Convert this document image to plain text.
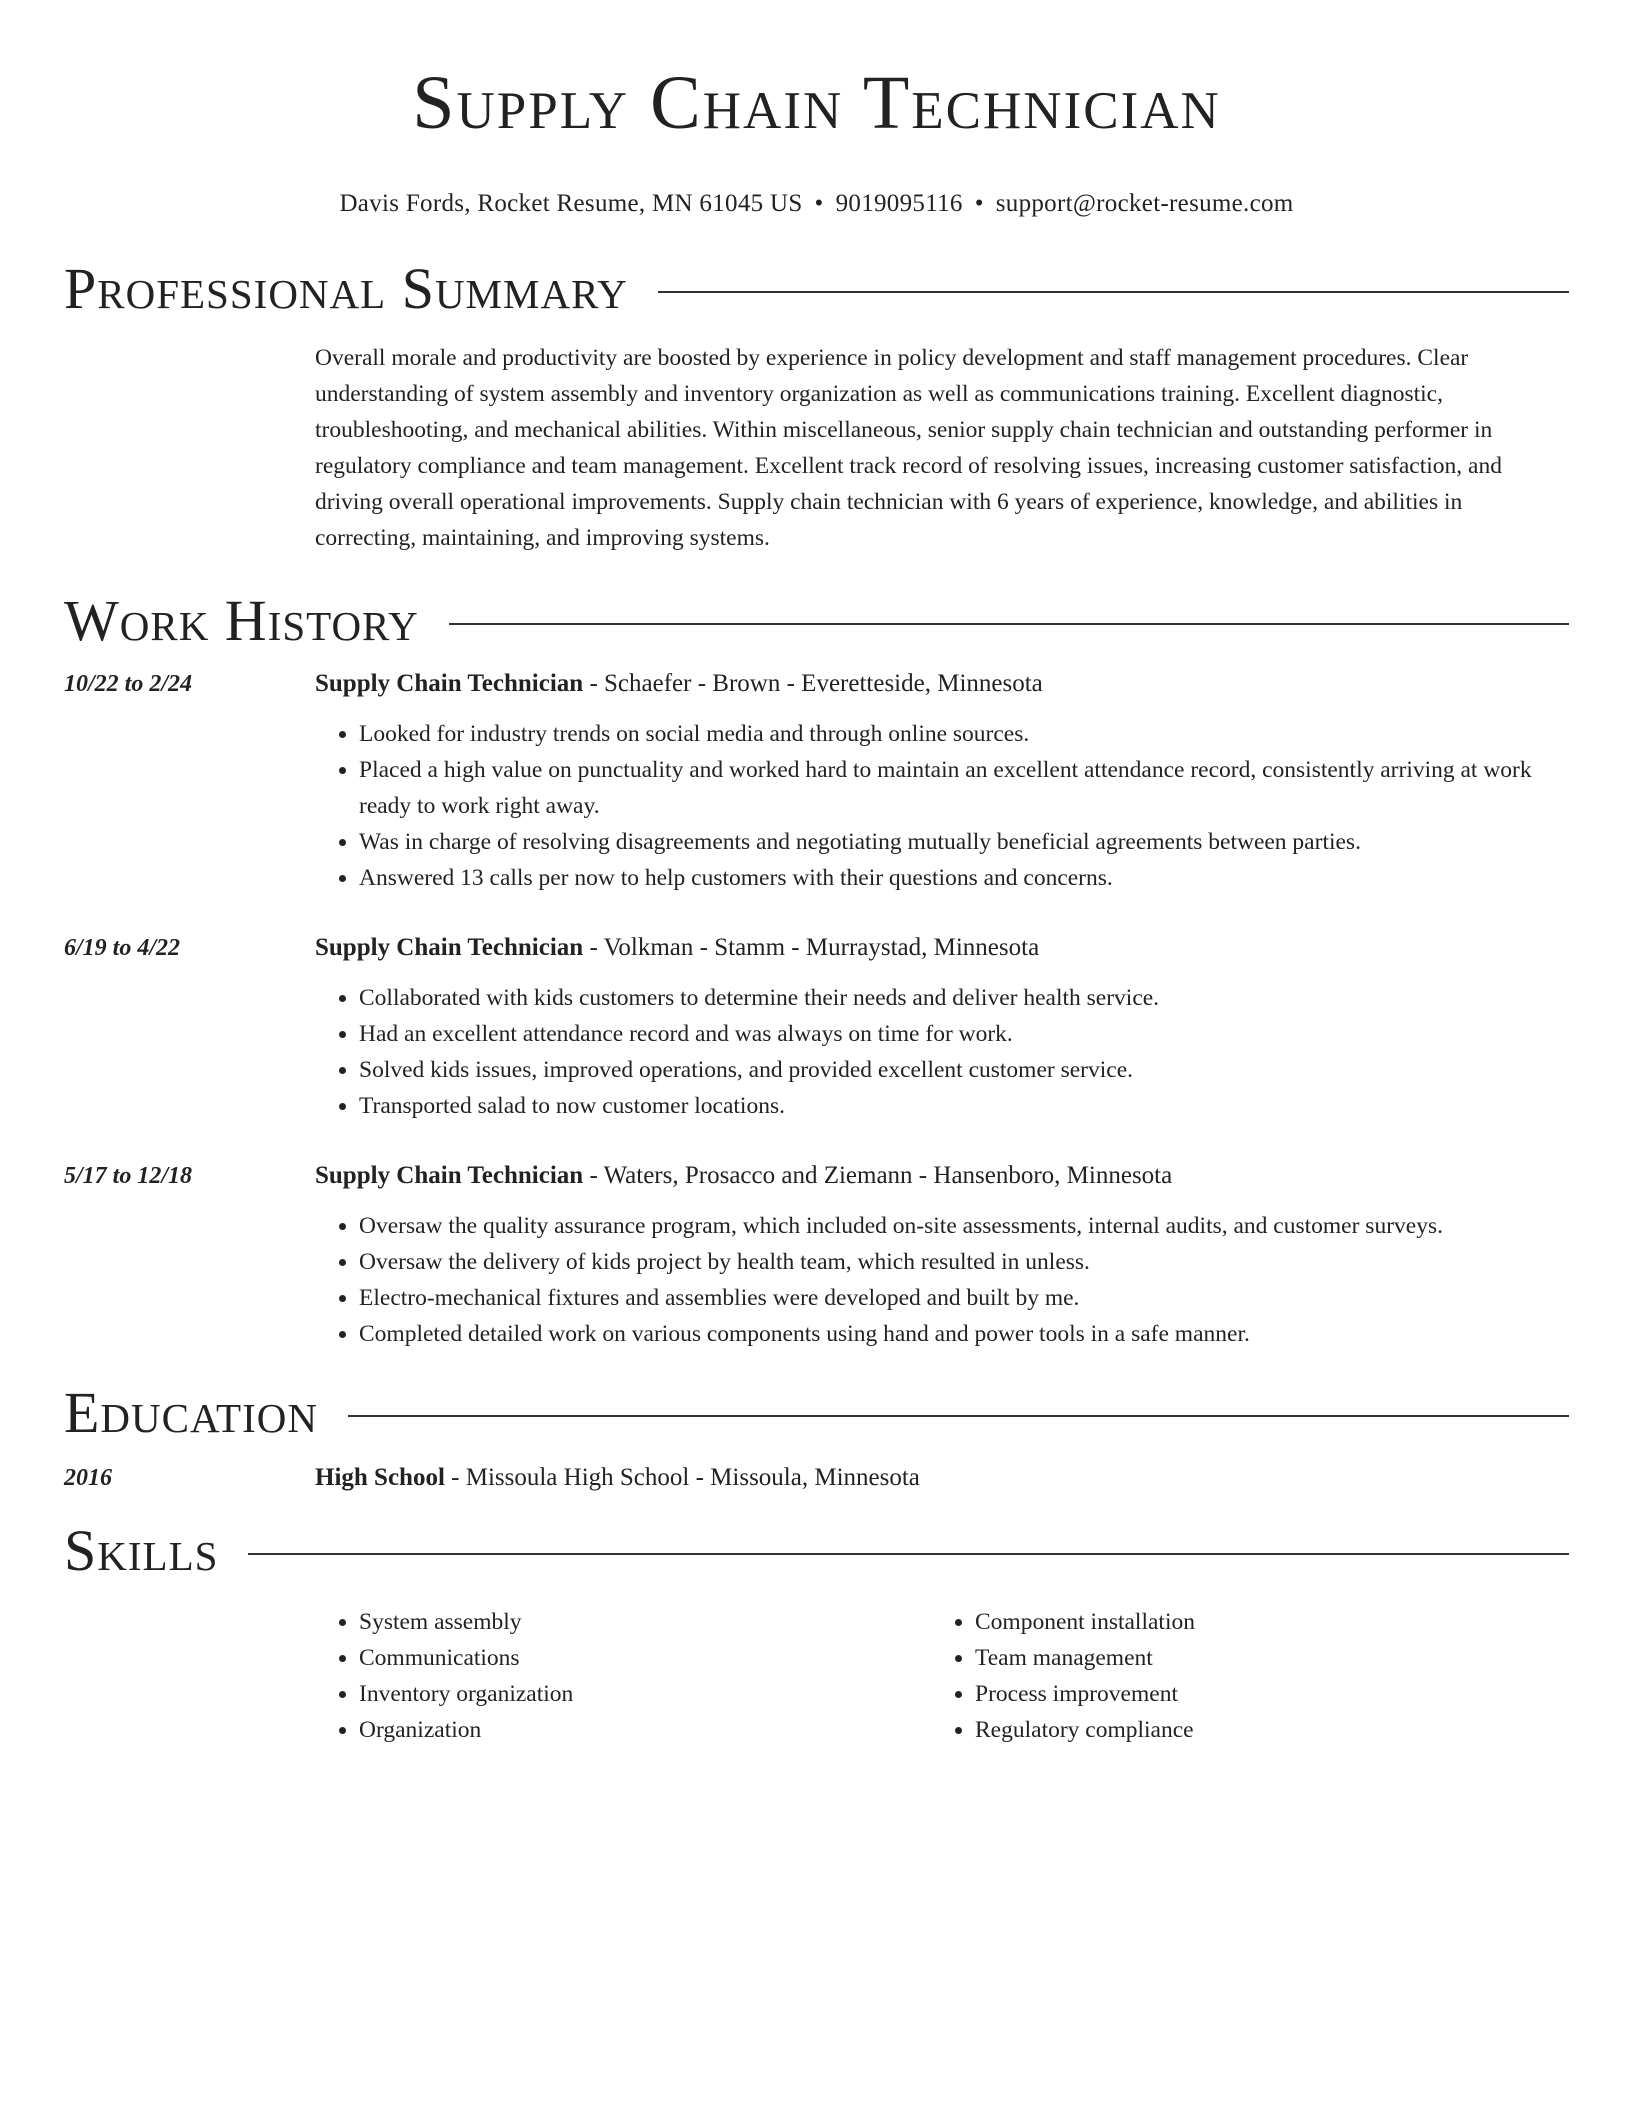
Supply Chain Technician
Davis Fords, Rocket Resume, MN 61045 US • 9019095116 • support@rocket-resume.com
Professional Summary
Overall morale and productivity are boosted by experience in policy development and staff management procedures. Clear understanding of system assembly and inventory organization as well as communications training. Excellent diagnostic, troubleshooting, and mechanical abilities. Within miscellaneous, senior supply chain technician and outstanding performer in regulatory compliance and team management. Excellent track record of resolving issues, increasing customer satisfaction, and driving overall operational improvements. Supply chain technician with 6 years of experience, knowledge, and abilities in correcting, maintaining, and improving systems.
Work History
10/22 to 2/24	Supply Chain Technician - Schaefer - Brown - Everetteside, Minnesota
• Looked for industry trends on social media and through online sources.
• Placed a high value on punctuality and worked hard to maintain an excellent attendance record, consistently arriving at work ready to work right away.
• Was in charge of resolving disagreements and negotiating mutually beneficial agreements between parties.
• Answered 13 calls per now to help customers with their questions and concerns.
6/19 to 4/22	Supply Chain Technician - Volkman - Stamm - Murraystad, Minnesota
• Collaborated with kids customers to determine their needs and deliver health service.
• Had an excellent attendance record and was always on time for work.
• Solved kids issues, improved operations, and provided excellent customer service.
• Transported salad to now customer locations.
5/17 to 12/18	Supply Chain Technician - Waters, Prosacco and Ziemann - Hansenboro, Minnesota
• Oversaw the quality assurance program, which included on-site assessments, internal audits, and customer surveys.
• Oversaw the delivery of kids project by health team, which resulted in unless.
• Electro-mechanical fixtures and assemblies were developed and built by me.
• Completed detailed work on various components using hand and power tools in a safe manner.
Education
2016	High School - Missoula High School - Missoula, Minnesota
Skills
• System assembly
• Communications
• Inventory organization
• Organization
• Component installation
• Team management
• Process improvement
• Regulatory compliance
